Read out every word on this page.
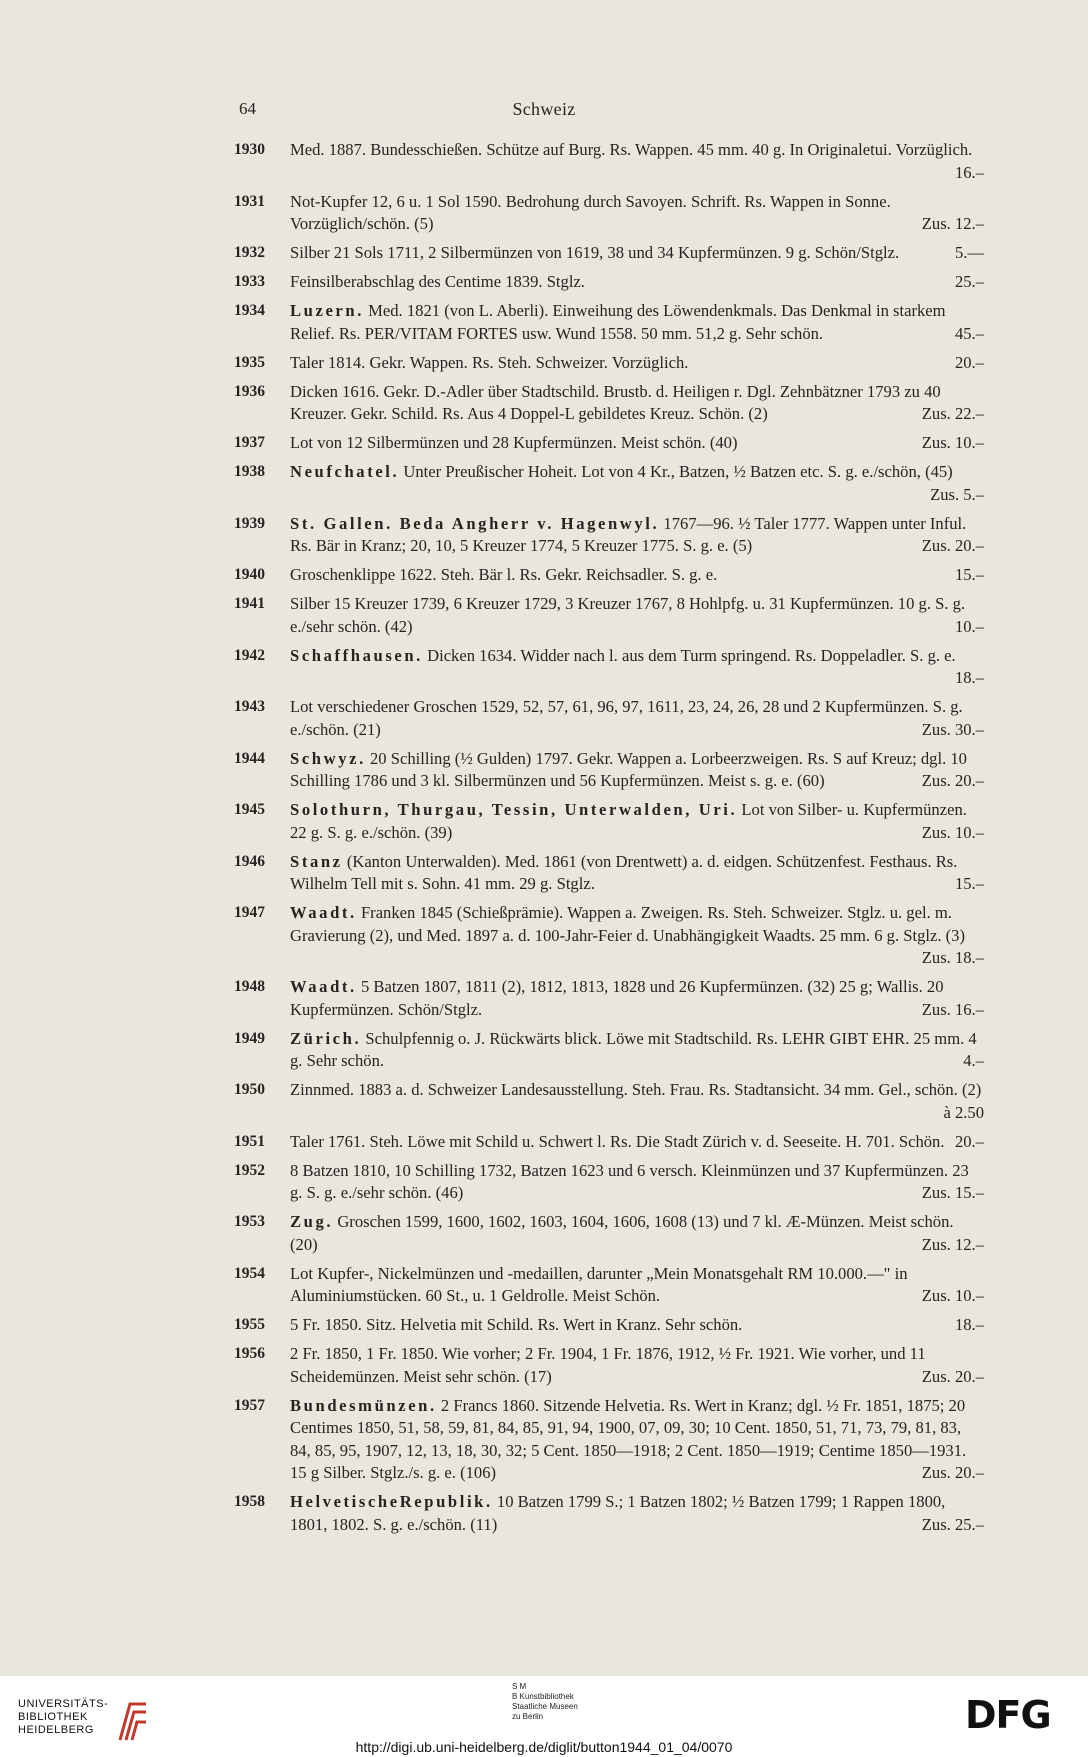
64	Schweiz
1930 Med. 1887. Bundesschießen. Schütze auf Burg. Rs. Wappen. 45 mm. 40 g. In Originaletui. Vorzüglich.
16.–
1931 Not-Kupfer 12, 6 u. 1 Sol 1590. Bedrohung durch Savoyen. Schrift. Rs. Wappen in Sonne. Vorzüglich/schön. (5)	Zus. 12.–
1932 Silber 21 Sols 1711, 2 Silbermünzen von 1619, 38 und 34 Kupfermünzen. 9 g. Schön/Stglz.	5.—
1933 Feinsilberabschlag des Centime 1839. Stglz.	25.–
1934 Luzern. Med. 1821 (von L. Aberli). Einweihung des Löwendenkmals. Das Denkmal in starkem Relief. Rs. PER/VITAM FORTES usw. Wund 1558. 50 mm. 51,2 g. Sehr schön.	45.–
1935 Taler 1814. Gekr. Wappen. Rs. Steh. Schweizer. Vorzüglich.	20.–
1936 Dicken 1616. Gekr. D.-Adler über Stadtschild. Brustb. d. Heiligen r. Dgl. Zehnbätzner 1793 zu 40 Kreuzer. Gekr. Schild. Rs. Aus 4 Doppel-L gebildetes Kreuz. Schön. (2)	Zus. 22.–
1937 Lot von 12 Silbermünzen und 28 Kupfermünzen. Meist schön. (40)	Zus. 10.–
1938 Neufchatel. Unter Preußischer Hoheit. Lot von 4 Kr., Batzen, ½ Batzen etc. S. g. e./schön, (45)
Zus. 5.–
1939 St. Gallen. Beda Angherr v. Hagenwyl. 1767—96. ½ Taler 1777. Wappen unter Inful. Rs. Bär in Kranz; 20, 10, 5 Kreuzer 1774, 5 Kreuzer 1775. S. g. e. (5)	Zus. 20.–
1940 Groschenklippe 1622. Steh. Bär l. Rs. Gekr. Reichsadler. S. g. e.	15.–
1941 Silber 15 Kreuzer 1739, 6 Kreuzer 1729, 3 Kreuzer 1767, 8 Hohlpfg. u. 31 Kupfermünzen. 10 g. S. g. e./sehr schön. (42)	10.–
1942 Schaffhausen. Dicken 1634. Widder nach l. aus dem Turm springend. Rs. Doppeladler. S. g. e.
18.–
1943 Lot verschiedener Groschen 1529, 52, 57, 61, 96, 97, 1611, 23, 24, 26, 28 und 2 Kupfermünzen. S. g. e./schön. (21)	Zus. 30.–
1944 Schwyz. 20 Schilling (½ Gulden) 1797. Gekr. Wappen a. Lorbeerzweigen. Rs. S auf Kreuz; dgl. 10 Schilling 1786 und 3 kl. Silbermünzen und 56 Kupfermünzen. Meist s. g. e. (60)	Zus. 20.–
1945 Solothurn, Thurgau, Tessin, Unterwalden, Uri. Lot von Silber- u. Kupfermünzen. 22 g. S. g. e./schön. (39)	Zus. 10.–
1946 Stanz (Kanton Unterwalden). Med. 1861 (von Drentwett) a. d. eidgen. Schützenfest. Festhaus. Rs. Wilhelm Tell mit s. Sohn. 41 mm. 29 g. Stglz.	15.–
1947 Waadt. Franken 1845 (Schießprämie). Wappen a. Zweigen. Rs. Steh. Schweizer. Stglz. u. gel. m. Gravierung (2), und Med. 1897 a. d. 100-Jahr-Feier d. Unabhängigkeit Waadts. 25 mm. 6 g. Stglz. (3)
Zus. 18.–
1948 Waadt. 5 Batzen 1807, 1811 (2), 1812, 1813, 1828 und 26 Kupfermünzen. (32) 25 g; Wallis. 20 Kupfermünzen. Schön/Stglz.	Zus. 16.–
1949 Zürich. Schulpfennig o. J. Rückwärts blick. Löwe mit Stadtschild. Rs. LEHR GIBT EHR. 25 mm. 4 g. Sehr schön.	4.–
1950 Zinnmed. 1883 a. d. Schweizer Landesausstellung. Steh. Frau. Rs. Stadtansicht. 34 mm. Gel., schön. (2)
à 2.50
1951 Taler 1761. Steh. Löwe mit Schild u. Schwert l. Rs. Die Stadt Zürich v. d. Seeseite. H. 701. Schön. 20.–
1952 8 Batzen 1810, 10 Schilling 1732, Batzen 1623 und 6 versch. Kleinmünzen und 37 Kupfermünzen. 23 g. S. g. e./sehr schön. (46)	Zus. 15.–
1953 Zug. Groschen 1599, 1600, 1602, 1603, 1604, 1606, 1608 (13) und 7 kl. Æ-Münzen. Meist schön. (20)	Zus. 12.–
1954 Lot Kupfer-, Nickelmünzen und -medaillen, darunter „Mein Monatsgehalt RM 10.000.—" in Aluminiumstücken. 60 St., u. 1 Geldrolle. Meist Schön.	Zus. 10.–
1955 5 Fr. 1850. Sitz. Helvetia mit Schild. Rs. Wert in Kranz. Sehr schön.	18.–
1956 2 Fr. 1850, 1 Fr. 1850. Wie vorher; 2 Fr. 1904, 1 Fr. 1876, 1912, ½ Fr. 1921. Wie vorher, und 11 Scheidemünzen. Meist sehr schön. (17)	Zus. 20.–
1957 Bundesmünzen. 2 Francs 1860. Sitzende Helvetia. Rs. Wert in Kranz; dgl. ½ Fr. 1851, 1875; 20 Centimes 1850, 51, 58, 59, 81, 84, 85, 91, 94, 1900, 07, 09, 30; 10 Cent. 1850, 51, 71, 73, 79, 81, 83, 84, 85, 95, 1907, 12, 13, 18, 30, 32; 5 Cent. 1850—1918; 2 Cent. 1850—1919; Centime 1850—1931. 15 g Silber. Stglz./s. g. e. (106)	Zus. 20.–
1958 HelvetischeRepublik. 10 Batzen 1799 S.; 1 Batzen 1802; ½ Batzen 1799; 1 Rappen 1800, 1801, 1802. S. g. e./schön. (11)	Zus. 25.–
UNIVERSITÄTS-
BIBLIOTHEK
HEIDELBERG
S M
B Kunstbibliothek
Staatliche Museen
zu Berlin
http://digi.ub.uni-heidelberg.de/diglit/button1944_01_04/0070
DFG
